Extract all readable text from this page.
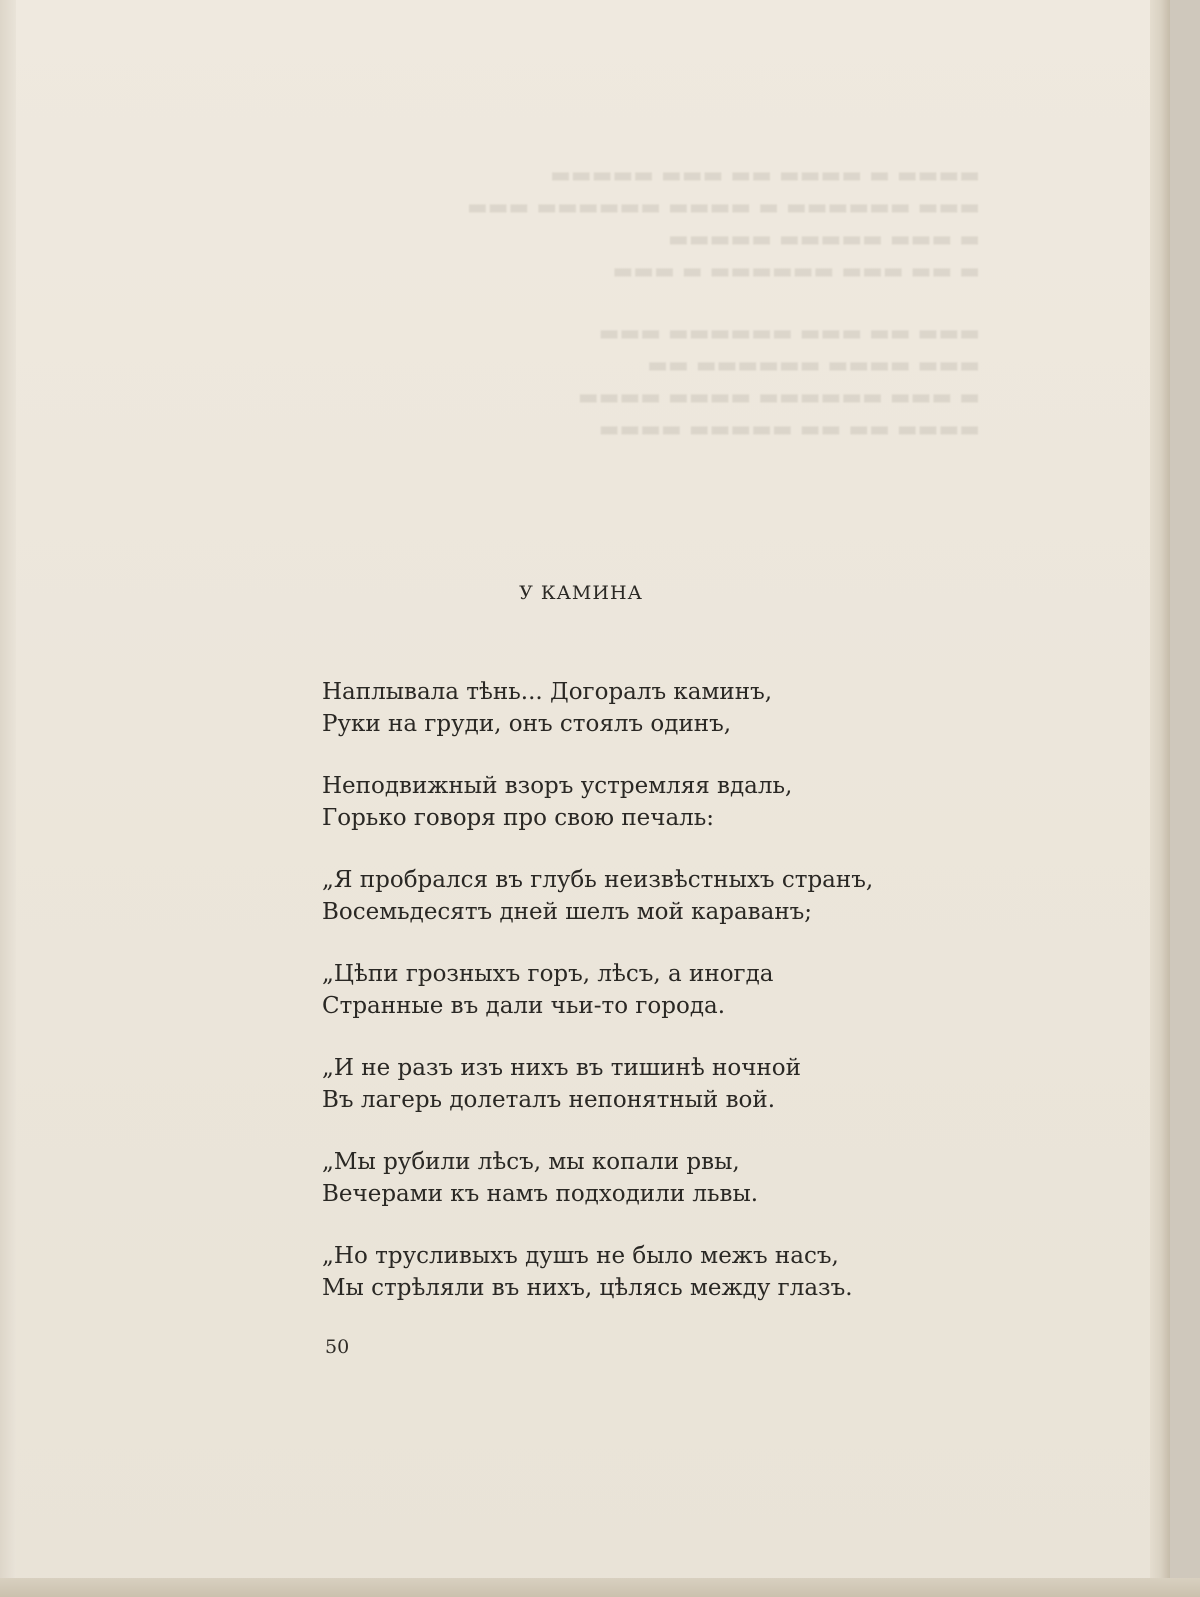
▬▬▬▬ ▬ ▬▬▬▬ ▬▬ ▬▬▬ ▬▬▬▬▬
▬▬▬ ▬▬▬▬▬▬ ▬ ▬▬▬▬ ▬▬▬▬▬▬ ▬▬▬
▬ ▬▬▬ ▬▬▬▬▬ ▬▬▬▬▬
▬ ▬▬ ▬▬▬ ▬▬▬▬▬▬ ▬ ▬▬▬
▬▬▬ ▬▬ ▬▬▬ ▬▬▬▬▬▬ ▬▬▬
▬▬▬ ▬▬▬▬ ▬▬▬▬▬▬ ▬▬
▬ ▬▬▬ ▬▬▬▬▬▬ ▬▬▬▬ ▬▬▬▬
▬▬▬▬ ▬▬ ▬▬ ▬▬▬▬▬ ▬▬▬▬
У КАМИНА

Наплывала тѣнь... Догоралъ каминъ,
Руки на груди, онъ стоялъ одинъ,

Неподвижный взоръ устремляя вдаль,
Горько говоря про свою печаль:

„Я пробрался въ глубь неизвѣстныхъ странъ,
Восемьдесятъ дней шелъ мой караванъ;

„Цѣпи грозныхъ горъ, лѣсъ, а иногда
Странные въ дали чьи-то города.

„И не разъ изъ нихъ въ тишинѣ ночной
Въ лагерь долеталъ непонятный вой.

„Мы рубили лѣсъ, мы копали рвы,
Вечерами къ намъ подходили львы.

„Но трусливыхъ душъ не было межъ насъ,
Мы стрѣляли въ нихъ, цѣлясь между глазъ.

50
